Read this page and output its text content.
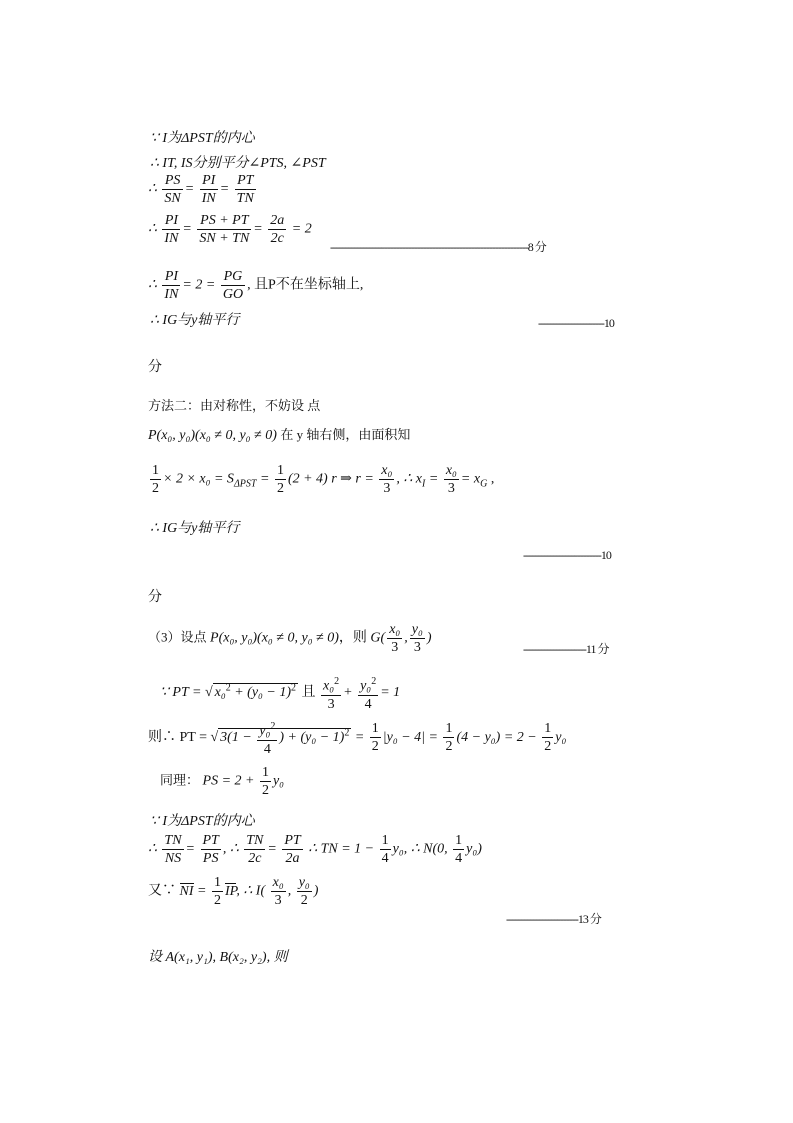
∵ I为ΔPST的内心
∴ IT, IS分别平分∠PTS, ∠PST
∴ $\frac{PS}{SN} = \frac{PI}{IN} = \frac{PT}{TN}$
∴ $\frac{PI}{IN} = \frac{PS + PT}{SN + TN} = \frac{2a}{2c} = 2$
------------------------------------------------------------------8 分
∴ $\frac{PI}{IN} = 2 = \frac{PG}{GO}$ , 且P不在坐标轴上,
∴ IG与y轴平行	----------------------10
分
方法二：由对称性，不妨设 点
P(x₀, y₀)(x₀ ≠ 0, y₀ ≠ 0) 在 y 轴右侧，由面积知
$\frac{1}{2} \times 2 \times x_0 = S_{\Delta PST} = \frac{1}{2} (2 + 4)$ r ⇒ $r = \frac{\text{x₀}}{3}$ , ∴ $x_I = \frac{\text{x₀}}{3} = x_G$ ,
∴ IG与y轴平行
--------------------------10
分
（3）设点 P(x₀, y₀)(x₀ ≠ 0, y₀ ≠ 0)，则 $G( \frac{\text{x₀}}{3}$ , $\frac{\text{y₀}}{3}$ )
---------------------11 分
∵ PT = √ $x_0^2 + (y_0 - 1)^2$ 且 $\frac{x_0^2}{3} + \frac{y_0^2}{4} = 1$
则∴ PT = √ $3(1 - \frac{y_0^2}{4}$ ) + $(y_0 - 1)^2 = \frac{1}{2} |y_0 - 4| = \frac{1}{2} (4 - y_0) = 2 - \frac{1}{2} y_0$
同理： PS = $2 + \frac{1}{2} y_0$
∵ I为ΔPST的内心
∴ $\frac{TN}{NS} = \frac{PT}{PS}$ , ∴ $\frac{TN}{2c} = \frac{PT}{2a}$ ∴ TN = $1 - \frac{1}{4} y_0$, ∴ N(0, $\frac{1}{4} y_0$)
又∵ NI = $\frac{1}{2}$ IP, ∴ $I( \frac{\text{x₀}}{3}$ , $\frac{\text{y₀}}{2}$ )
------------------------13 分
设 A(x₁, y₁), B(x₂, y₂), 则
